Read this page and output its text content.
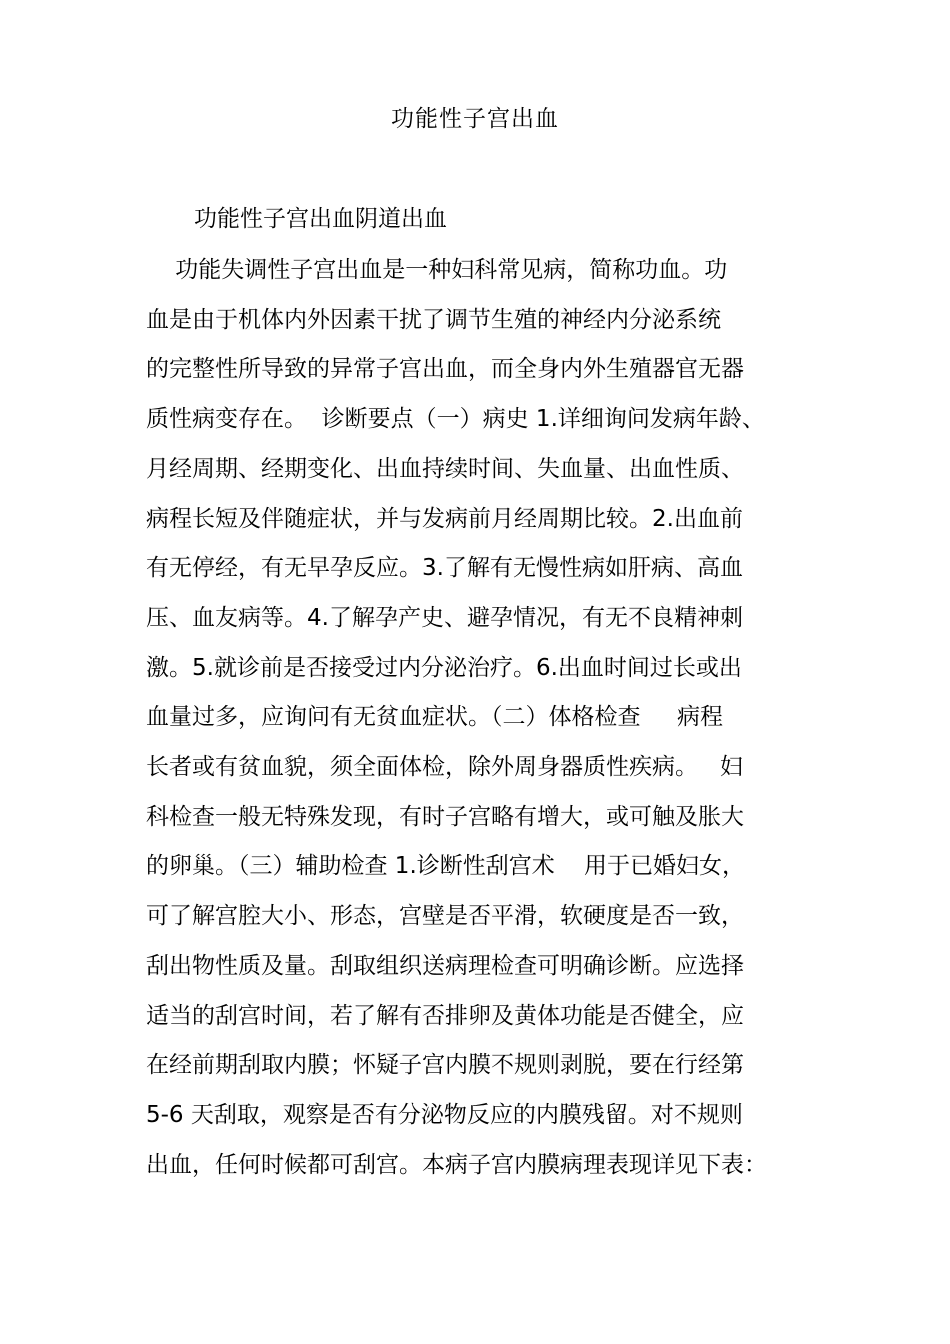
功能性子宫出血
功能性子宫出血阴道出血
功能失调性子宫出血是一种妇科常见病，简称功血。功
血是由于机体内外因素干扰了调节生殖的神经内分泌系统
的完整性所导致的异常子宫出血，而全身内外生殖器官无器
质性病变存在。  诊断要点（一）病史 1.详细询问发病年龄、
月经周期、经期变化、出血持续时间、失血量、出血性质、
病程长短及伴随症状，并与发病前月经周期比较。2.出血前
有无停经，有无早孕反应。3.了解有无慢性病如肝病、高血
压、血友病等。4.了解孕产史、避孕情况，有无不良精神刺
激。5.就诊前是否接受过内分泌治疗。6.出血时间过长或出
血量过多，应询问有无贫血症状。（二）体格检查     病程
长者或有贫血貌，须全面体检，除外周身器质性疾病。   妇
科检查一般无特殊发现，有时子宫略有增大，或可触及胀大
的卵巢。（三）辅助检查 1.诊断性刮宫术    用于已婚妇女，
可了解宫腔大小、形态，宫壁是否平滑，软硬度是否一致，
刮出物性质及量。刮取组织送病理检查可明确诊断。应选择
适当的刮宫时间，若了解有否排卵及黄体功能是否健全，应
在经前期刮取内膜；怀疑子宫内膜不规则剥脱，要在行经第
5-6 天刮取，观察是否有分泌物反应的内膜残留。对不规则
出血，任何时候都可刮宫。本病子宫内膜病理表现详见下表：
